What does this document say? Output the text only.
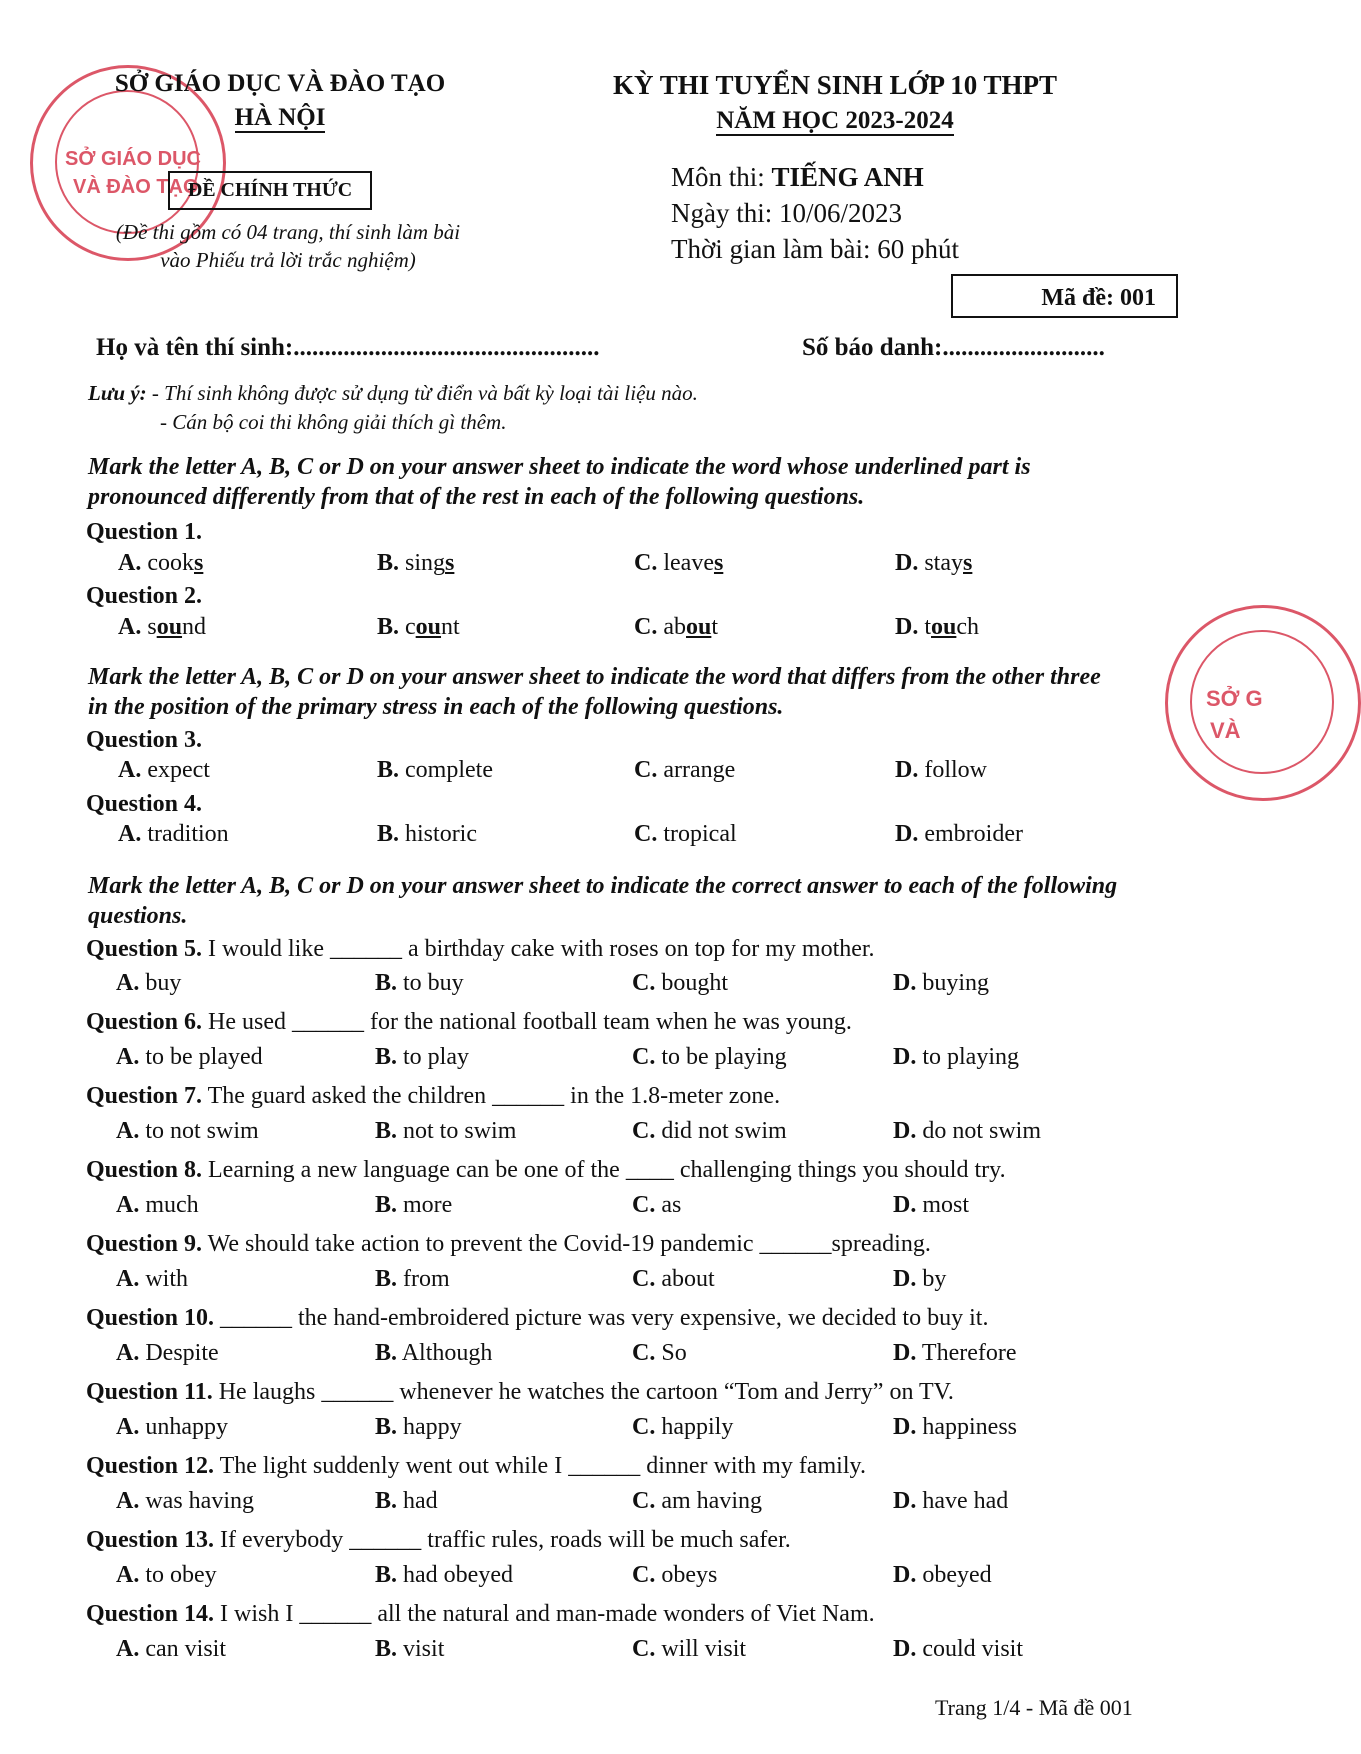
SỞ GIÁO DỤC
VÀ ĐÀO TẠO
SỞ G
VÀ
SỞ GIÁO DỤC VÀ ĐÀO TẠO
HÀ NỘI
ĐỀ CHÍNH THỨC
(Đề thi gồm có 04 trang, thí sinh làm bài
vào Phiếu trả lời trắc nghiệm)
KỲ THI TUYỂN SINH LỚP 10 THPT
NĂM HỌC 2023-2024
Môn thi: TIẾNG ANH
Ngày thi: 10/06/2023
Thời gian làm bài: 60 phút
Mã đề: 001
Họ và tên thí sinh:.................................................	Số báo danh:..........................
Lưu ý: - Thí sinh không được sử dụng từ điển và bất kỳ loại tài liệu nào.
- Cán bộ coi thi không giải thích gì thêm.
Mark the letter A, B, C or D on your answer sheet to indicate the word whose underlined part is
pronounced differently from that of the rest in each of the following questions.
Question 1.
A. cooks	B. sings	C. leaves	D. stays
Question 2.
A. sound	B. count	C. about	D. touch
Mark the letter A, B, C or D on your answer sheet to indicate the word that differs from the other three
in the position of the primary stress in each of the following questions.
Question 3.
A. expect	B. complete	C. arrange	D. follow
Question 4.
A. tradition	B. historic	C. tropical	D. embroider
Mark the letter A, B, C or D on your answer sheet to indicate the correct answer to each of the following
questions.
Question 5. I would like ______ a birthday cake with roses on top for my mother.
A. buy	B. to buy	C. bought	D. buying
Question 6. He used ______ for the national football team when he was young.
A. to be played	B. to play	C. to be playing	D. to playing
Question 7. The guard asked the children ______ in the 1.8-meter zone.
A. to not swim	B. not to swim	C. did not swim	D. do not swim
Question 8. Learning a new language can be one of the ____ challenging things you should try.
A. much	B. more	C. as	D. most
Question 9. We should take action to prevent the Covid-19 pandemic ______spreading.
A. with	B. from	C. about	D. by
Question 10. ______ the hand-embroidered picture was very expensive, we decided to buy it.
A. Despite	B. Although	C. So	D. Therefore
Question 11. He laughs ______ whenever he watches the cartoon “Tom and Jerry” on TV.
A. unhappy	B. happy	C. happily	D. happiness
Question 12. The light suddenly went out while I ______ dinner with my family.
A. was having	B. had	C. am having	D. have had
Question 13. If everybody ______ traffic rules, roads will be much safer.
A. to obey	B. had obeyed	C. obeys	D. obeyed
Question 14. I wish I ______ all the natural and man-made wonders of Viet Nam.
A. can visit	B. visit	C. will visit	D. could visit
Trang 1/4 - Mã đề 001
